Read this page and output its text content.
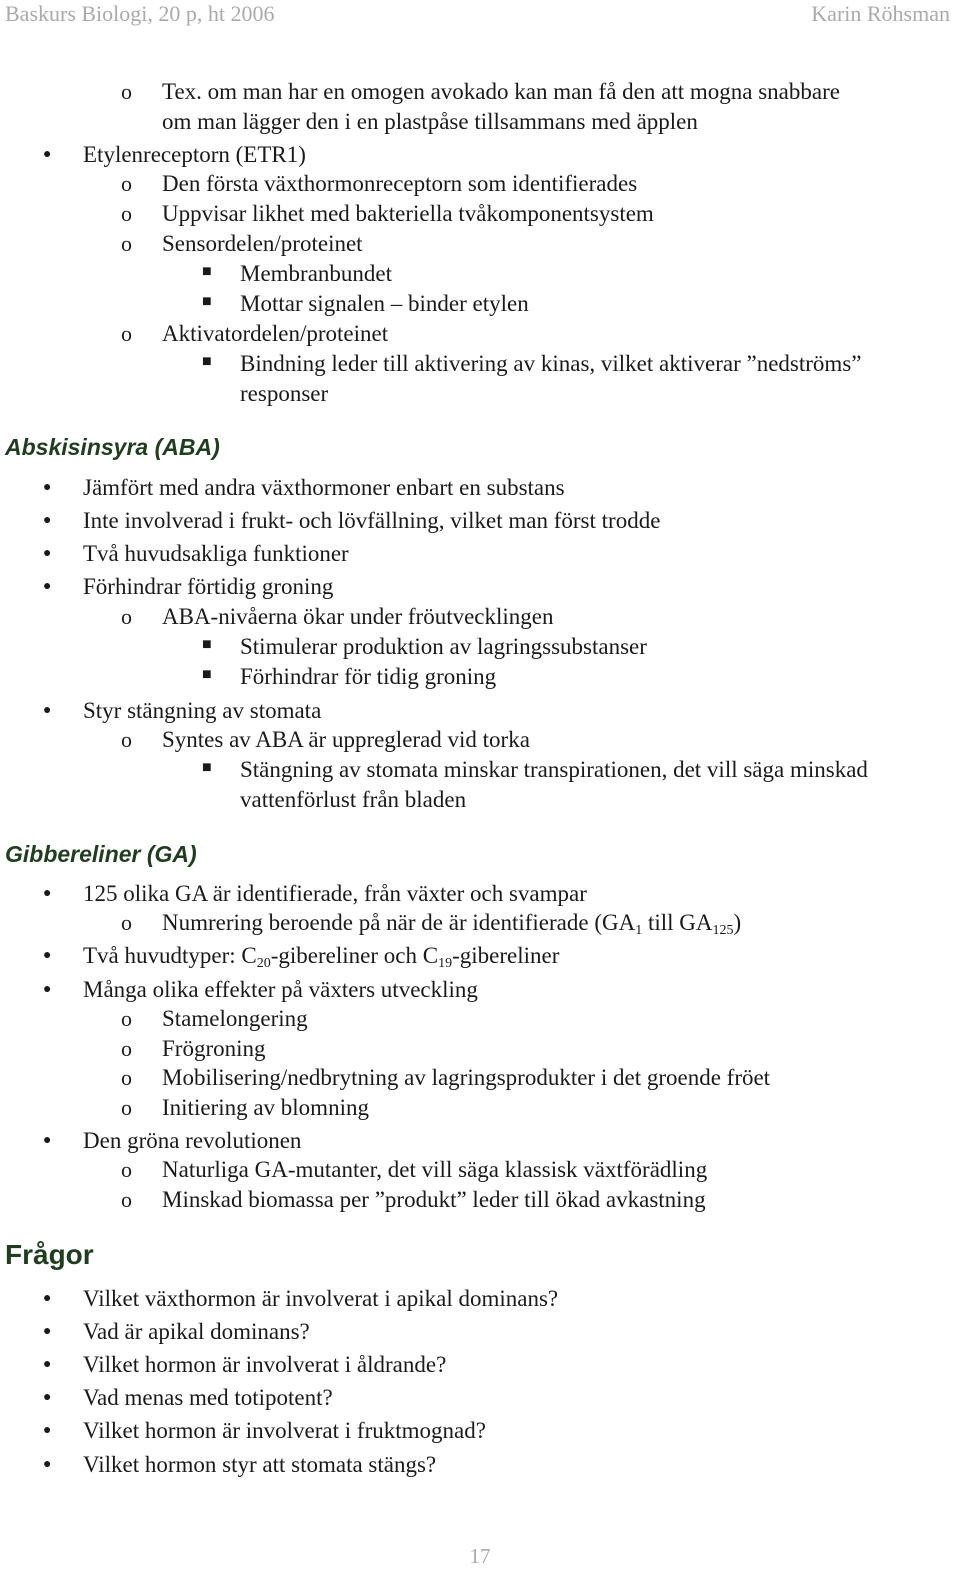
Baskurs Biologi, 20 p, ht 2006	Karin Röhsman
o Tex. om man har en omogen avokado kan man få den att mogna snabbare
om man lägger den i en plastpåse tillsammans med äpplen
● Etylenreceptorn (ETR1)
o Den första växthormonreceptorn som identifierades
o Uppvisar likhet med bakteriella tvåkomponentsystem
o Sensordelen/proteinet
■ Membranbundet
■ Mottar signalen – binder etylen
o Aktivatordelen/proteinet
■ Bindning leder till aktivering av kinas, vilket aktiverar ”nedströms”
responser
Abskisinsyra (ABA)
● Jämfört med andra växthormoner enbart en substans
● Inte involverad i frukt- och lövfällning, vilket man först trodde
● Två huvudsakliga funktioner
● Förhindrar förtidig groning
o ABA-nivåerna ökar under fröutvecklingen
■ Stimulerar produktion av lagringssubstanser
■ Förhindrar för tidig groning
● Styr stängning av stomata
o Syntes av ABA är uppreglerad vid torka
■ Stängning av stomata minskar transpirationen, det vill säga minskad
vattenförlust från bladen
Gibbereliner (GA)
● 125 olika GA är identifierade, från växter och svampar
o Numrering beroende på när de är identifierade ($GA_1$ till $GA_{125}$)
● Två huvudtyper: $C_{20}$-gibereliner och $C_{19}$-gibereliner
● Många olika effekter på växters utveckling
o Stamelongering
o Frögroning
o Mobilisering/nedbrytning av lagringsprodukter i det groende fröet
o Initiering av blomning
● Den gröna revolutionen
o Naturliga GA-mutanter, det vill säga klassisk växtförädling
o Minskad biomassa per ”produkt” leder till ökad avkastning
Frågor
● Vilket växthormon är involverat i apikal dominans?
● Vad är apikal dominans?
● Vilket hormon är involverat i åldrande?
● Vad menas med totipotent?
● Vilket hormon är involverat i fruktmognad?
● Vilket hormon styr att stomata stängs?
17
